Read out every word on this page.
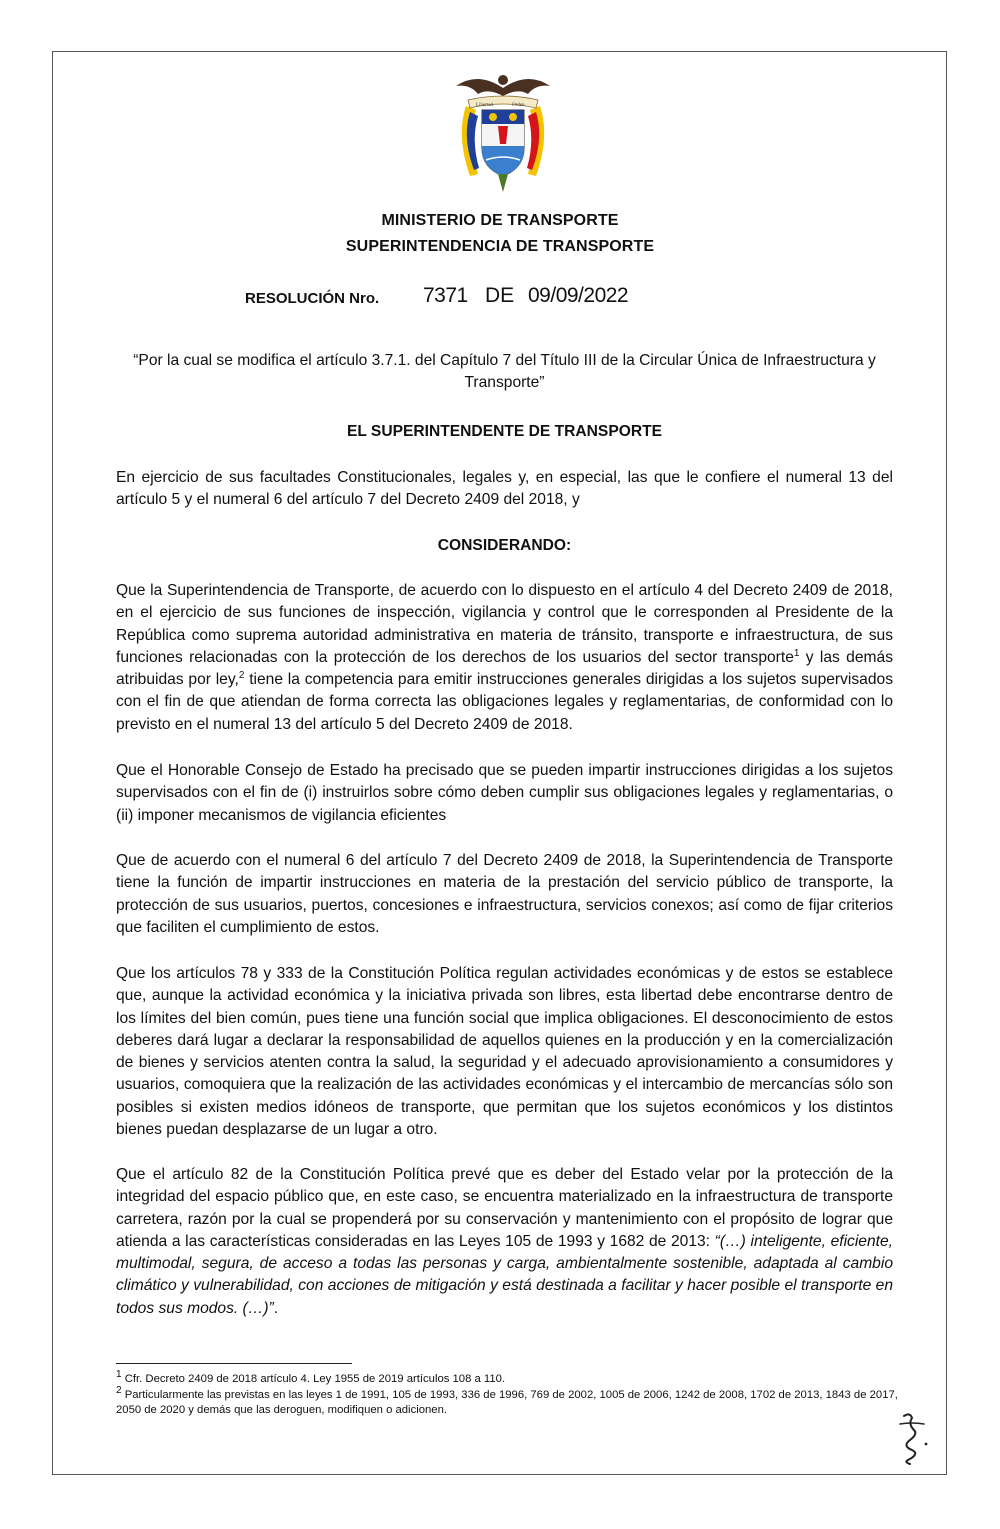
Libertad	Orden
MINISTERIO DE TRANSPORTE
SUPERINTENDENCIA DE TRANSPORTE
RESOLUCIÓN Nro. 7371 DE 09/09/2022
“Por la cual se modifica el artículo 3.7.1. del Capítulo 7 del Título III de la Circular Única de Infraestructura y Transporte”
EL SUPERINTENDENTE DE TRANSPORTE
En ejercicio de sus facultades Constitucionales, legales y, en especial, las que le confiere el numeral 13 del artículo 5 y el numeral 6 del artículo 7 del Decreto 2409 del 2018, y
CONSIDERANDO:
Que la Superintendencia de Transporte, de acuerdo con lo dispuesto en el artículo 4 del Decreto 2409 de 2018, en el ejercicio de sus funciones de inspección, vigilancia y control que le corresponden al Presidente de la República como suprema autoridad administrativa en materia de tránsito, transporte e infraestructura, de sus funciones relacionadas con la protección de los derechos de los usuarios del sector transporte$^1$ y las demás atribuidas por ley,$^2$ tiene la competencia para emitir instrucciones generales dirigidas a los sujetos supervisados con el fin de que atiendan de forma correcta las obligaciones legales y reglamentarias, de conformidad con lo previsto en el numeral 13 del artículo 5 del Decreto 2409 de 2018.
Que el Honorable Consejo de Estado ha precisado que se pueden impartir instrucciones dirigidas a los sujetos supervisados con el fin de (i) instruirlos sobre cómo deben cumplir sus obligaciones legales y reglamentarias, o (ii) imponer mecanismos de vigilancia eficientes
Que de acuerdo con el numeral 6 del artículo 7 del Decreto 2409 de 2018, la Superintendencia de Transporte tiene la función de impartir instrucciones en materia de la prestación del servicio público de transporte, la protección de sus usuarios, puertos, concesiones e infraestructura, servicios conexos; así como de fijar criterios que faciliten el cumplimiento de estos.
Que los artículos 78 y 333 de la Constitución Política regulan actividades económicas y de estos se establece que, aunque la actividad económica y la iniciativa privada son libres, esta libertad debe encontrarse dentro de los límites del bien común, pues tiene una función social que implica obligaciones. El desconocimiento de estos deberes dará lugar a declarar la responsabilidad de aquellos quienes en la producción y en la comercialización de bienes y servicios atenten contra la salud, la seguridad y el adecuado aprovisionamiento a consumidores y usuarios, comoquiera que la realización de las actividades económicas y el intercambio de mercancías sólo son posibles si existen medios idóneos de transporte, que permitan que los sujetos económicos y los distintos bienes puedan desplazarse de un lugar a otro.
Que el artículo 82 de la Constitución Política prevé que es deber del Estado velar por la protección de la integridad del espacio público que, en este caso, se encuentra materializado en la infraestructura de transporte carretera, razón por la cual se propenderá por su conservación y mantenimiento con el propósito de lograr que atienda a las características consideradas en las Leyes 105 de 1993 y 1682 de 2013: “(…) inteligente, eficiente, multimodal, segura, de acceso a todas las personas y carga, ambientalmente sostenible, adaptada al cambio climático y vulnerabilidad, con acciones de mitigación y está destinada a facilitar y hacer posible el transporte en todos sus modos. (…)”.
$^1$ Cfr. Decreto 2409 de 2018 artículo 4. Ley 1955 de 2019 artículos 108 a 110.
$^2$ Particularmente las previstas en las leyes 1 de 1991, 105 de 1993, 336 de 1996, 769 de 2002, 1005 de 2006, 1242 de 2008, 1702 de 2013, 1843 de 2017, 2050 de 2020 y demás que las deroguen, modifiquen o adicionen.
